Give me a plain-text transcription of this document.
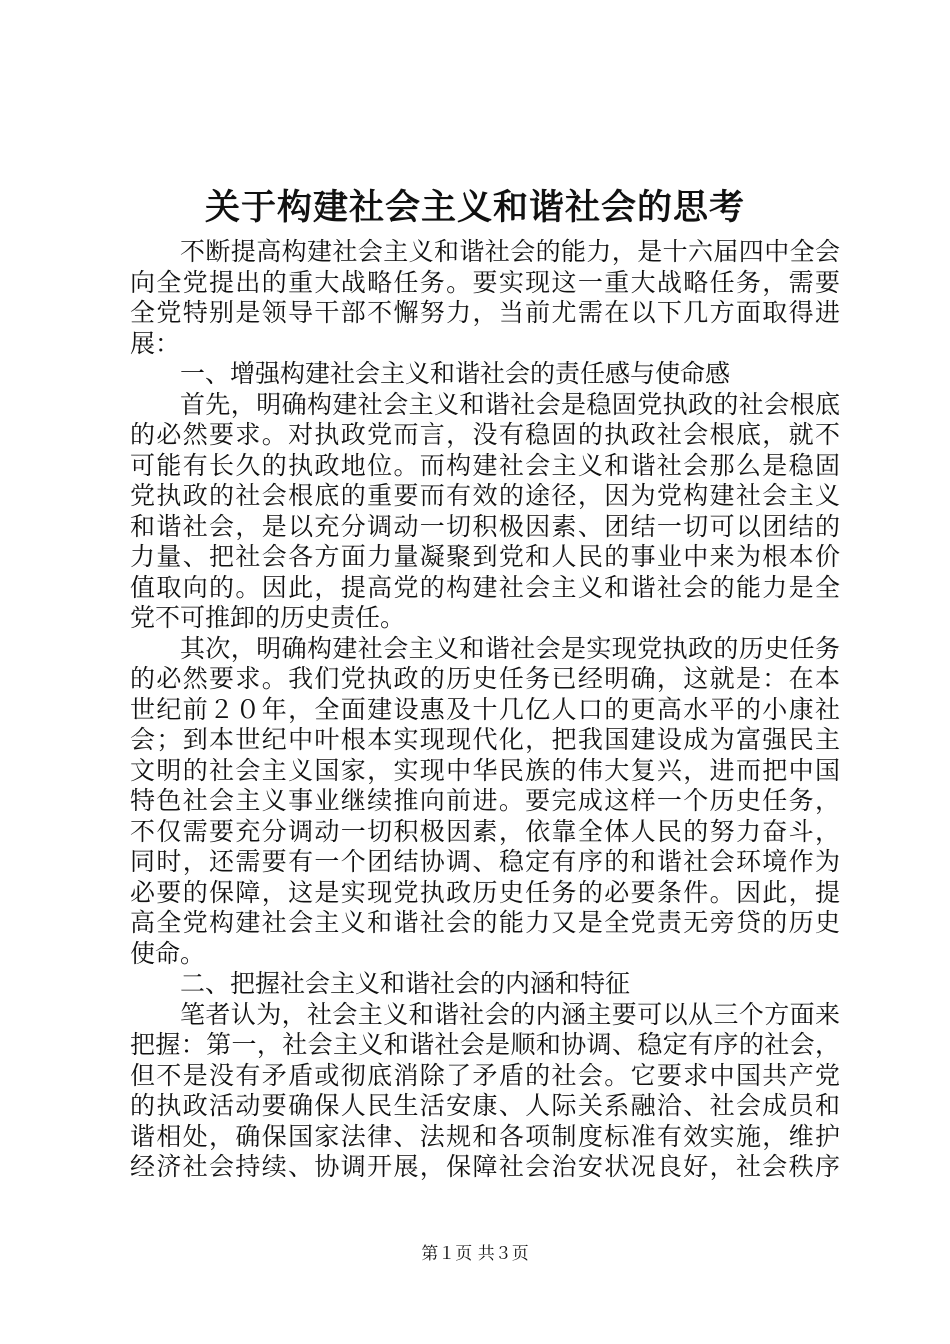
关于构建社会主义和谐社会的思考
不断提高构建社会主义和谐社会的能力，是十六届四中全会
向全党提出的重大战略任务。要实现这一重大战略任务，需要
全党特别是领导干部不懈努力，当前尤需在以下几方面取得进
展：
一、增强构建社会主义和谐社会的责任感与使命感
首先，明确构建社会主义和谐社会是稳固党执政的社会根底
的必然要求。对执政党而言，没有稳固的执政社会根底，就不
可能有长久的执政地位。而构建社会主义和谐社会那么是稳固
党执政的社会根底的重要而有效的途径，因为党构建社会主义
和谐社会，是以充分调动一切积极因素、团结一切可以团结的
力量、把社会各方面力量凝聚到党和人民的事业中来为根本价
值取向的。因此，提高党的构建社会主义和谐社会的能力是全
党不可推卸的历史责任。
其次，明确构建社会主义和谐社会是实现党执政的历史任务
的必然要求。我们党执政的历史任务已经明确，这就是：在本
世纪前２０年，全面建设惠及十几亿人口的更高水平的小康社
会；到本世纪中叶根本实现现代化，把我国建设成为富强民主
文明的社会主义国家，实现中华民族的伟大复兴，进而把中国
特色社会主义事业继续推向前进。要完成这样一个历史任务，
不仅需要充分调动一切积极因素，依靠全体人民的努力奋斗，
同时，还需要有一个团结协调、稳定有序的和谐社会环境作为
必要的保障，这是实现党执政历史任务的必要条件。因此，提
高全党构建社会主义和谐社会的能力又是全党责无旁贷的历史
使命。
二、把握社会主义和谐社会的内涵和特征
笔者认为，社会主义和谐社会的内涵主要可以从三个方面来
把握：第一，社会主义和谐社会是顺和协调、稳定有序的社会，
但不是没有矛盾或彻底消除了矛盾的社会。它要求中国共产党
的执政活动要确保人民生活安康、人际关系融洽、社会成员和
谐相处，确保国家法律、法规和各项制度标准有效实施，维护
经济社会持续、协调开展，保障社会治安状况良好，社会秩序
第１页 共３页
